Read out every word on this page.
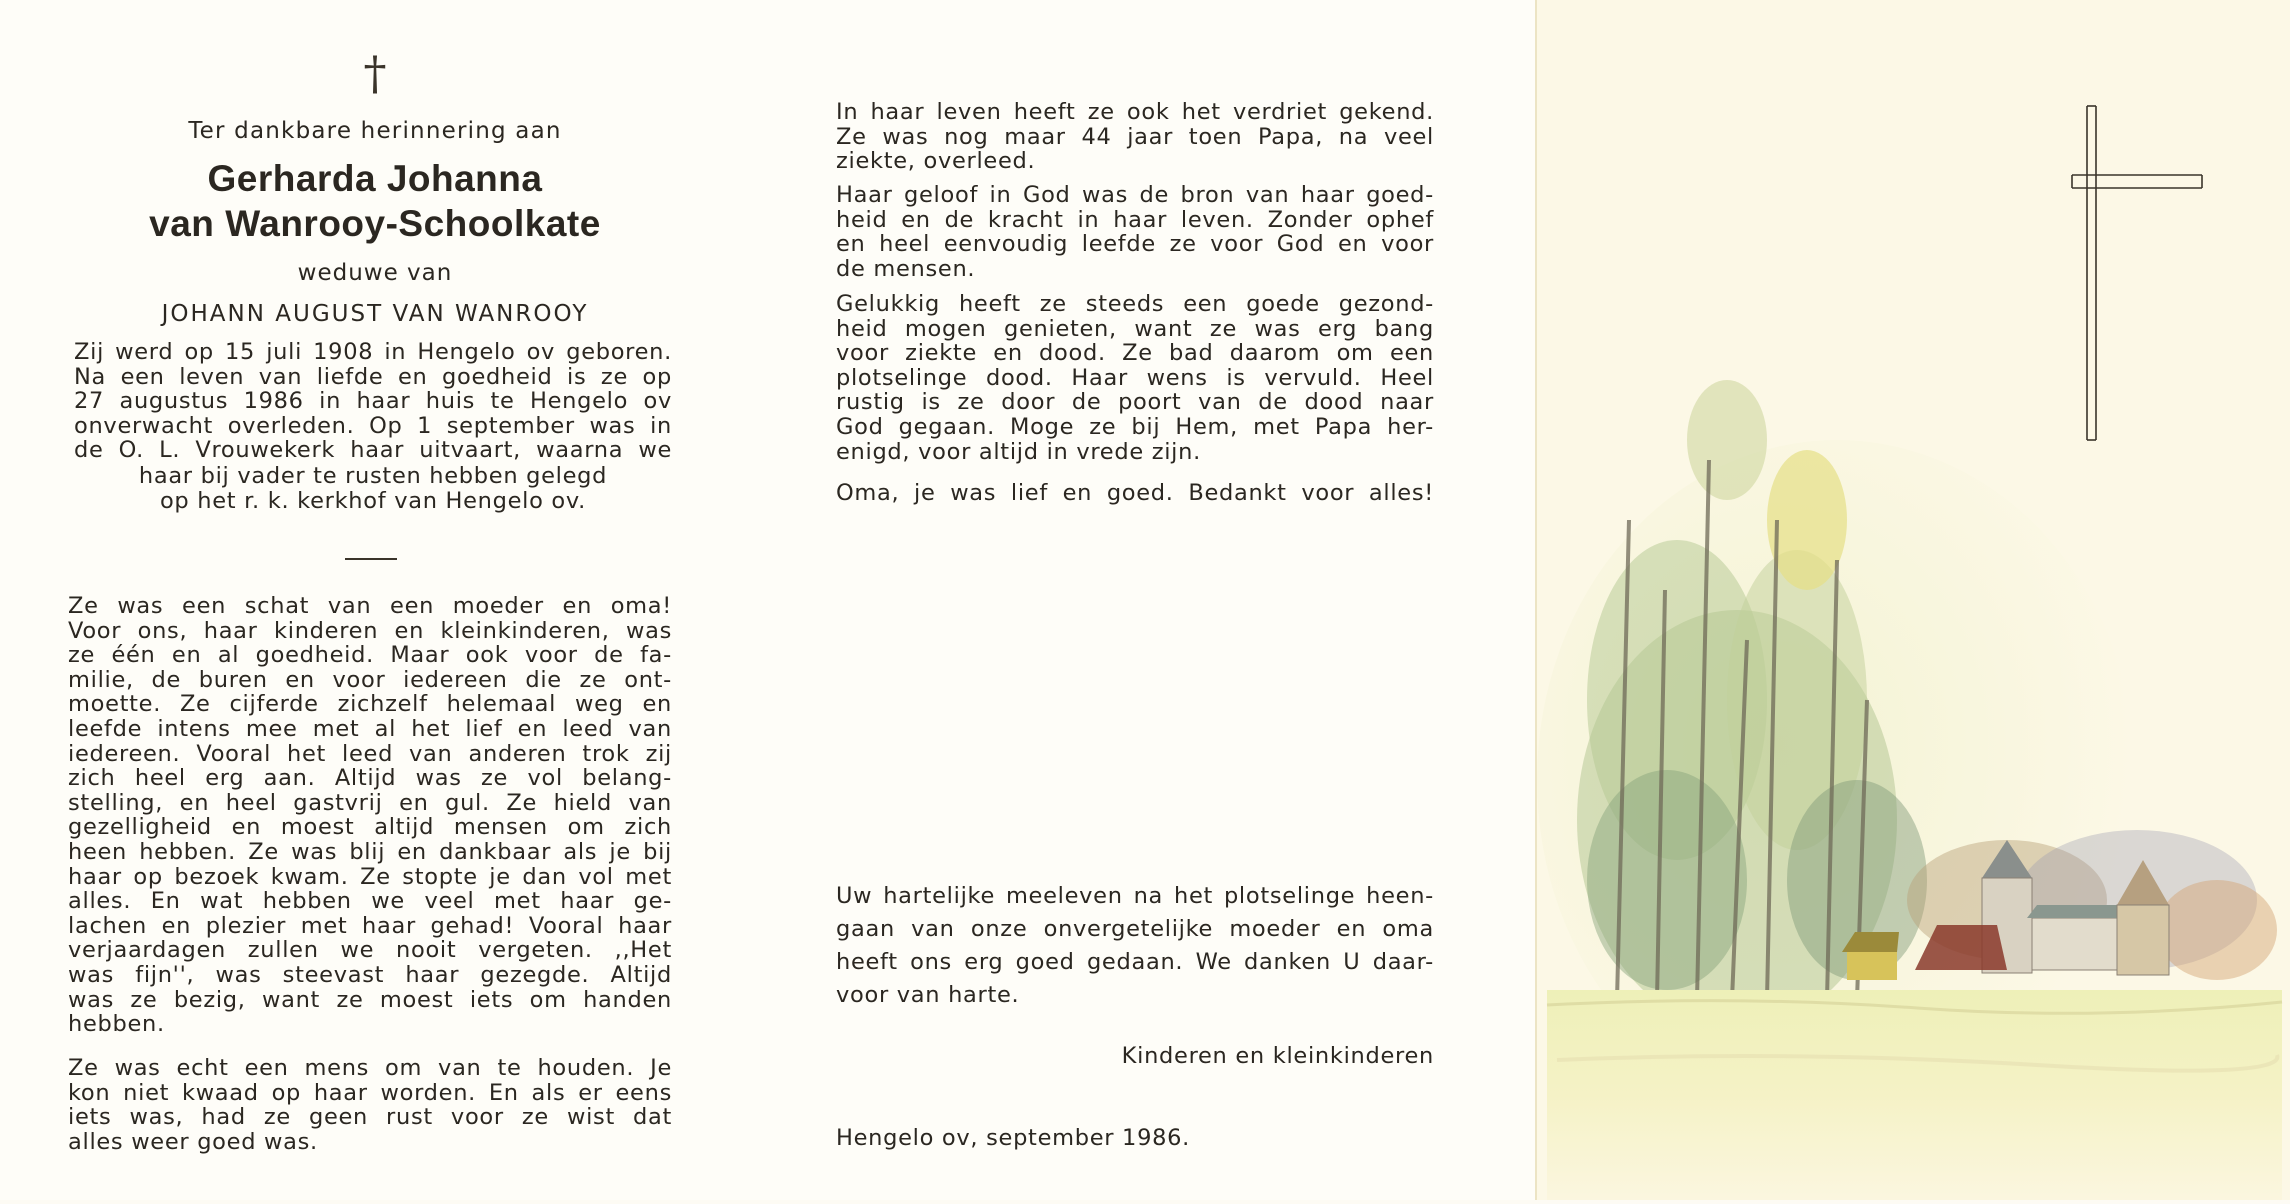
†

Ter dankbare herinnering aan

Gerharda Johanna

van Wanrooy-Schoolkate

weduwe van

JOHANN AUGUST VAN WANROOY

Zij werd op 15 juli 1908 in Hengelo ov geboren.
Na een leven van liefde en goedheid is ze op
27 augustus 1986 in haar huis te Hengelo ov
onverwacht overleden. Op 1 september was in
de O. L. Vrouwekerk haar uitvaart, waarna we
haar bij vader te rusten hebben gelegd
op het r. k. kerkhof van Hengelo ov.
Ze was een schat van een moeder en oma!
Voor ons, haar kinderen en kleinkinderen, was
ze één en al goedheid. Maar ook voor de fa-
milie, de buren en voor iedereen die ze ont-
moette. Ze cijferde zichzelf helemaal weg en
leefde intens mee met al het lief en leed van
iedereen. Vooral het leed van anderen trok zij
zich heel erg aan. Altijd was ze vol belang-
stelling, en heel gastvrij en gul. Ze hield van
gezelligheid en moest altijd mensen om zich
heen hebben. Ze was blij en dankbaar als je bij
haar op bezoek kwam. Ze stopte je dan vol met
alles. En wat hebben we veel met haar ge-
lachen en plezier met haar gehad! Vooral haar
verjaardagen zullen we nooit vergeten. ,,Het
was fijn'', was steevast haar gezegde. Altijd
was ze bezig, want ze moest iets om handen
hebben.
Ze was echt een mens om van te houden. Je
kon niet kwaad op haar worden. En als er eens
iets was, had ze geen rust voor ze wist dat
alles weer goed was.
In haar leven heeft ze ook het verdriet gekend.
Ze was nog maar 44 jaar toen Papa, na veel
ziekte, overleed.
Haar geloof in God was de bron van haar goed-
heid en de kracht in haar leven. Zonder ophef
en heel eenvoudig leefde ze voor God en voor
de mensen.
Gelukkig heeft ze steeds een goede gezond-
heid mogen genieten, want ze was erg bang
voor ziekte en dood. Ze bad daarom om een
plotselinge dood. Haar wens is vervuld. Heel
rustig is ze door de poort van de dood naar
God gegaan. Moge ze bij Hem, met Papa her-
enigd, voor altijd in vrede zijn.
Oma, je was lief en goed. Bedankt voor alles!
Uw hartelijke meeleven na het plotselinge heen-
gaan van onze onvergetelijke moeder en oma
heeft ons erg goed gedaan. We danken U daar-
voor van harte.
Kinderen en kleinkinderen
Hengelo ov, september 1986.
